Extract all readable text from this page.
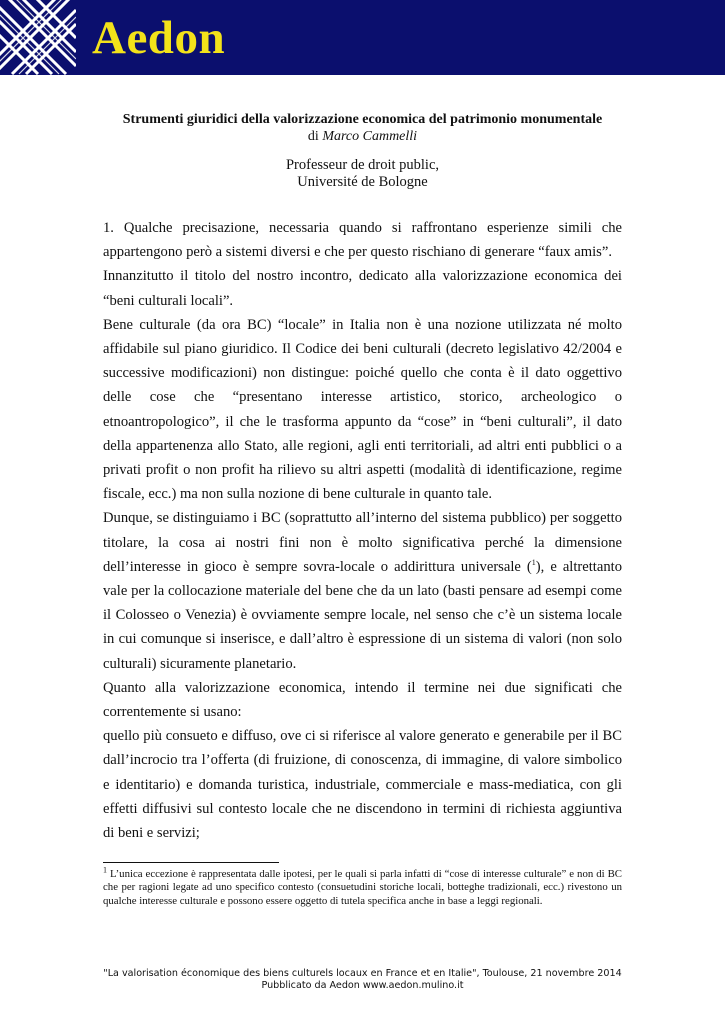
Aedon
Strumenti giuridici della valorizzazione economica del patrimonio monumentale
di Marco Cammelli
Professeur de droit public,
Université de Bologne

1. Qualche precisazione, necessaria quando si raffrontano esperienze simili che appartengono però a sistemi diversi e che per questo rischiano di generare “faux amis”.

Innanzitutto il titolo del nostro incontro, dedicato alla valorizzazione economica dei “beni culturali locali”.

Bene culturale (da ora BC) “locale” in Italia non è una nozione utilizzata né molto affidabile sul piano giuridico. Il Codice dei beni culturali (decreto legislativo 42/2004 e successive modificazioni) non distingue: poiché quello che conta è il dato oggettivo delle cose che “presentano interesse artistico, storico, archeologico o etnoantropologico”, il che le trasforma appunto da “cose” in “beni culturali”, il dato della appartenenza allo Stato, alle regioni, agli enti territoriali, ad altri enti pubblici o a privati profit o non profit ha rilievo su altri aspetti (modalità di identificazione, regime fiscale, ecc.) ma non sulla nozione di bene culturale in quanto tale.

Dunque, se distinguiamo i BC (soprattutto all’interno del sistema pubblico) per soggetto titolare, la cosa ai nostri fini non è molto significativa perché la dimensione dell’interesse in gioco è sempre sovra-locale o addirittura universale ($^1$), e altrettanto vale per la collocazione materiale del bene che da un lato (basti pensare ad esempi come il Colosseo o Venezia) è ovviamente sempre locale, nel senso che c’è un sistema locale in cui comunque si inserisce, e dall’altro è espressione di un sistema di valori (non solo culturali) sicuramente planetario.

Quanto alla valorizzazione economica, intendo il termine nei due significati che correntemente si usano:

quello più consueto e diffuso, ove ci si riferisce al valore generato e generabile per il BC dall’incrocio tra l’offerta (di fruizione, di conoscenza, di immagine, di valore simbolico e identitario) e domanda turistica, industriale, commerciale e mass-mediatica, con gli effetti diffusivi sul contesto locale che ne discendono in termini di richiesta aggiuntiva di beni e servizi;

$^1$ L’unica eccezione è rappresentata dalle ipotesi, per le quali si parla infatti di “cose di interesse culturale” e non di BC che per ragioni legate ad uno specifico contesto (consuetudini storiche locali, botteghe tradizionali, ecc.) rivestono un qualche interesse culturale e possono essere oggetto di tutela specifica anche in base a leggi regionali.
"La valorisation économique des biens culturels locaux en France et en Italie", Toulouse, 21 novembre 2014
Pubblicato da Aedon www.aedon.mulino.it
